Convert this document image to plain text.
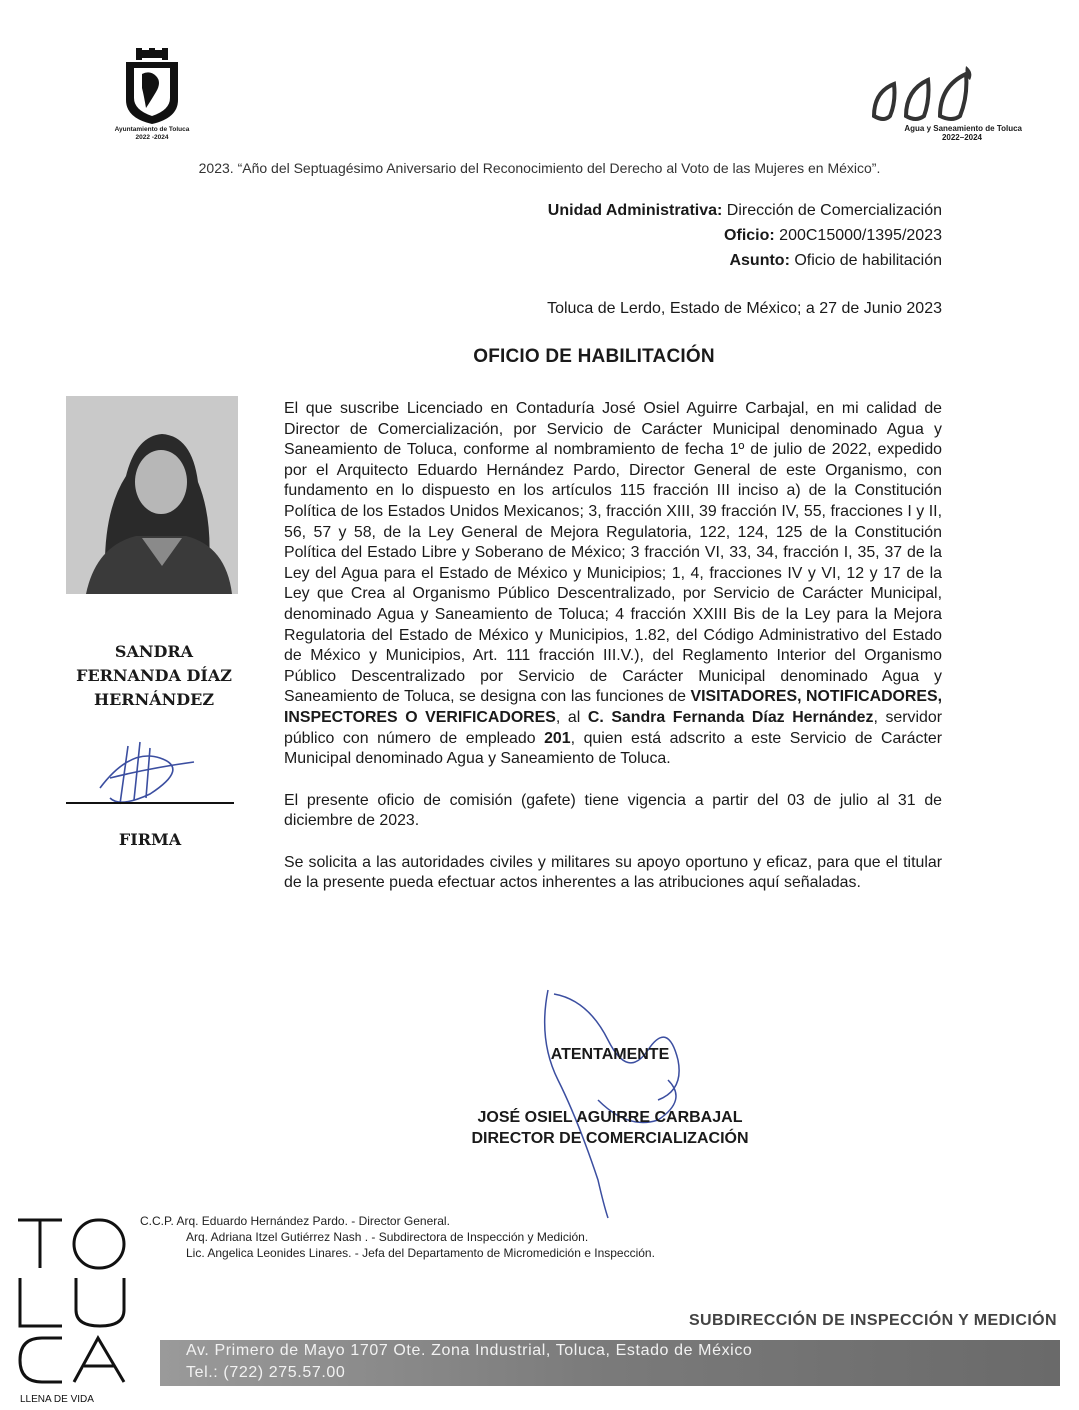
Ayuntamiento de Toluca
2022 -2024
Agua y Saneamiento de Toluca
2022–2024
2023. “Año del Septuagésimo Aniversario del Reconocimiento del Derecho al Voto de las Mujeres en México”.
Unidad Administrativa: Dirección de Comercialización
Oficio: 200C15000/1395/2023
Asunto: Oficio de habilitación
Toluca de Lerdo, Estado de México; a 27 de Junio 2023
OFICIO DE HABILITACIÓN
SANDRA
FERNANDA DÍAZ
HERNÁNDEZ
FIRMA

El que suscribe Licenciado en Contaduría José Osiel Aguirre Carbajal, en mi calidad de Director de Comercialización, por Servicio de Carácter Municipal denominado Agua y Saneamiento de Toluca, conforme al nombramiento de fecha 1º de julio de 2022, expedido por el Arquitecto Eduardo Hernández Pardo, Director General de este Organismo, con fundamento en lo dispuesto en los artículos 115 fracción III inciso a) de la Constitución Política de los Estados Unidos Mexicanos; 3, fracción XIII, 39 fracción IV, 55, fracciones I y II, 56, 57 y 58, de la Ley General de Mejora Regulatoria, 122, 124, 125 de la Constitución Política del Estado Libre y Soberano de México; 3 fracción VI, 33, 34, fracción I, 35, 37 de la Ley del Agua para el Estado de México y Municipios; 1, 4, fracciones IV y VI, 12 y 17 de la Ley que Crea al Organismo Público Descentralizado, por Servicio de Carácter Municipal, denominado Agua y Saneamiento de Toluca; 4 fracción XXIII Bis de la Ley para la Mejora Regulatoria del Estado de México y Municipios, 1.82, del Código Administrativo del Estado de México y Municipios, Art. 111 fracción III.V.), del Reglamento Interior del Organismo Público Descentralizado por Servicio de Carácter Municipal denominado Agua y Saneamiento de Toluca, se designa con las funciones de VISITADORES, NOTIFICADORES, INSPECTORES O VERIFICADORES, al C. Sandra Fernanda Díaz Hernández, servidor público con número de empleado 201, quien está adscrito a este Servicio de Carácter Municipal denominado Agua y Saneamiento de Toluca.

El presente oficio de comisión (gafete) tiene vigencia a partir del 03 de julio al 31 de diciembre de 2023.

Se solicita a las autoridades civiles y militares su apoyo oportuno y eficaz, para que el titular de la presente pueda efectuar actos inherentes a las atribuciones aquí señaladas.

ATENTAMENTE
JOSÉ OSIEL AGUIRRE CARBAJAL
DIRECTOR DE COMERCIALIZACIÓN
C.C.P. Arq. Eduardo Hernández Pardo. - Director General.
Arq. Adriana Itzel Gutiérrez Nash . - Subdirectora de Inspección y Medición.
Lic. Angelica Leonides Linares. - Jefa del Departamento de Micromedición e Inspección.
LLENA DE VIDA
SUBDIRECCIÓN DE INSPECCIÓN Y MEDICIÓN
Av. Primero de Mayo 1707 Ote. Zona Industrial, Toluca, Estado de México
Tel.: (722) 275.57.00
